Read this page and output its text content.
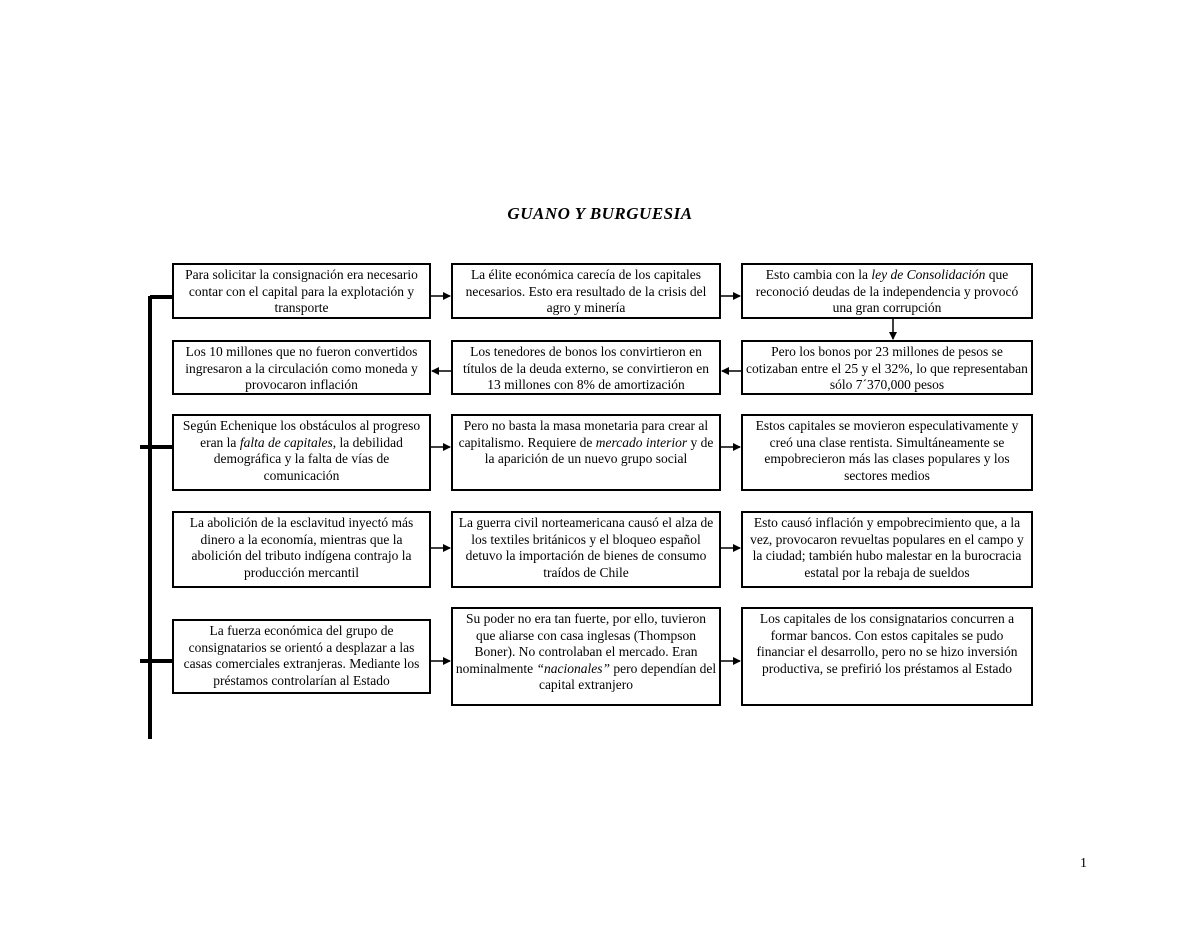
GUANO Y BURGUESIA
Para solicitar la consignación era necesario contar con el capital para la explotación y transporte
La élite económica carecía de los capitales necesarios. Esto era resultado de la crisis del agro y minería
Esto cambia con la ley de Consolidación que reconoció deudas de la independencia y provocó una gran corrupción
Los 10 millones que no fueron convertidos ingresaron a la circulación como moneda y provocaron inflación
Los tenedores de bonos los convirtieron en títulos de la deuda externo, se convirtieron en 13 millones con 8% de amortización
Pero los bonos por 23 millones de pesos se cotizaban entre el 25 y el 32%, lo que representaban sólo 7´370,000 pesos
Según Echenique los obstáculos al progreso eran la falta de capitales, la debilidad demográfica y la falta de vías de comunicación
Pero no basta la masa monetaria para crear al capitalismo. Requiere de mercado interior y de la aparición de un nuevo grupo social
Estos capitales se movieron especulativamente y creó una clase rentista. Simultáneamente se empobrecieron más las clases populares y los sectores medios
La abolición de la esclavitud inyectó más dinero a la economía, mientras que la abolición del tributo indígena contrajo la producción mercantil
La guerra civil norteamericana causó el alza de los textiles británicos y el bloqueo español detuvo la importación de bienes de consumo traídos de Chile
Esto causó inflación y empobrecimiento que, a la vez, provocaron revueltas populares en el campo y la ciudad; también hubo malestar en la burocracia estatal por la rebaja de sueldos
La fuerza económica del grupo de consignatarios se orientó a desplazar a las casas comerciales extranjeras. Mediante los préstamos controlarían al Estado
Su poder no era tan fuerte, por ello, tuvieron que aliarse con casa inglesas (Thompson Boner). No controlaban el mercado. Eran nominalmente “nacionales” pero dependían del capital extranjero
Los capitales de los consignatarios concurren a formar bancos. Con estos capitales se pudo financiar el desarrollo, pero no se hizo inversión productiva, se prefirió los préstamos al Estado
1
